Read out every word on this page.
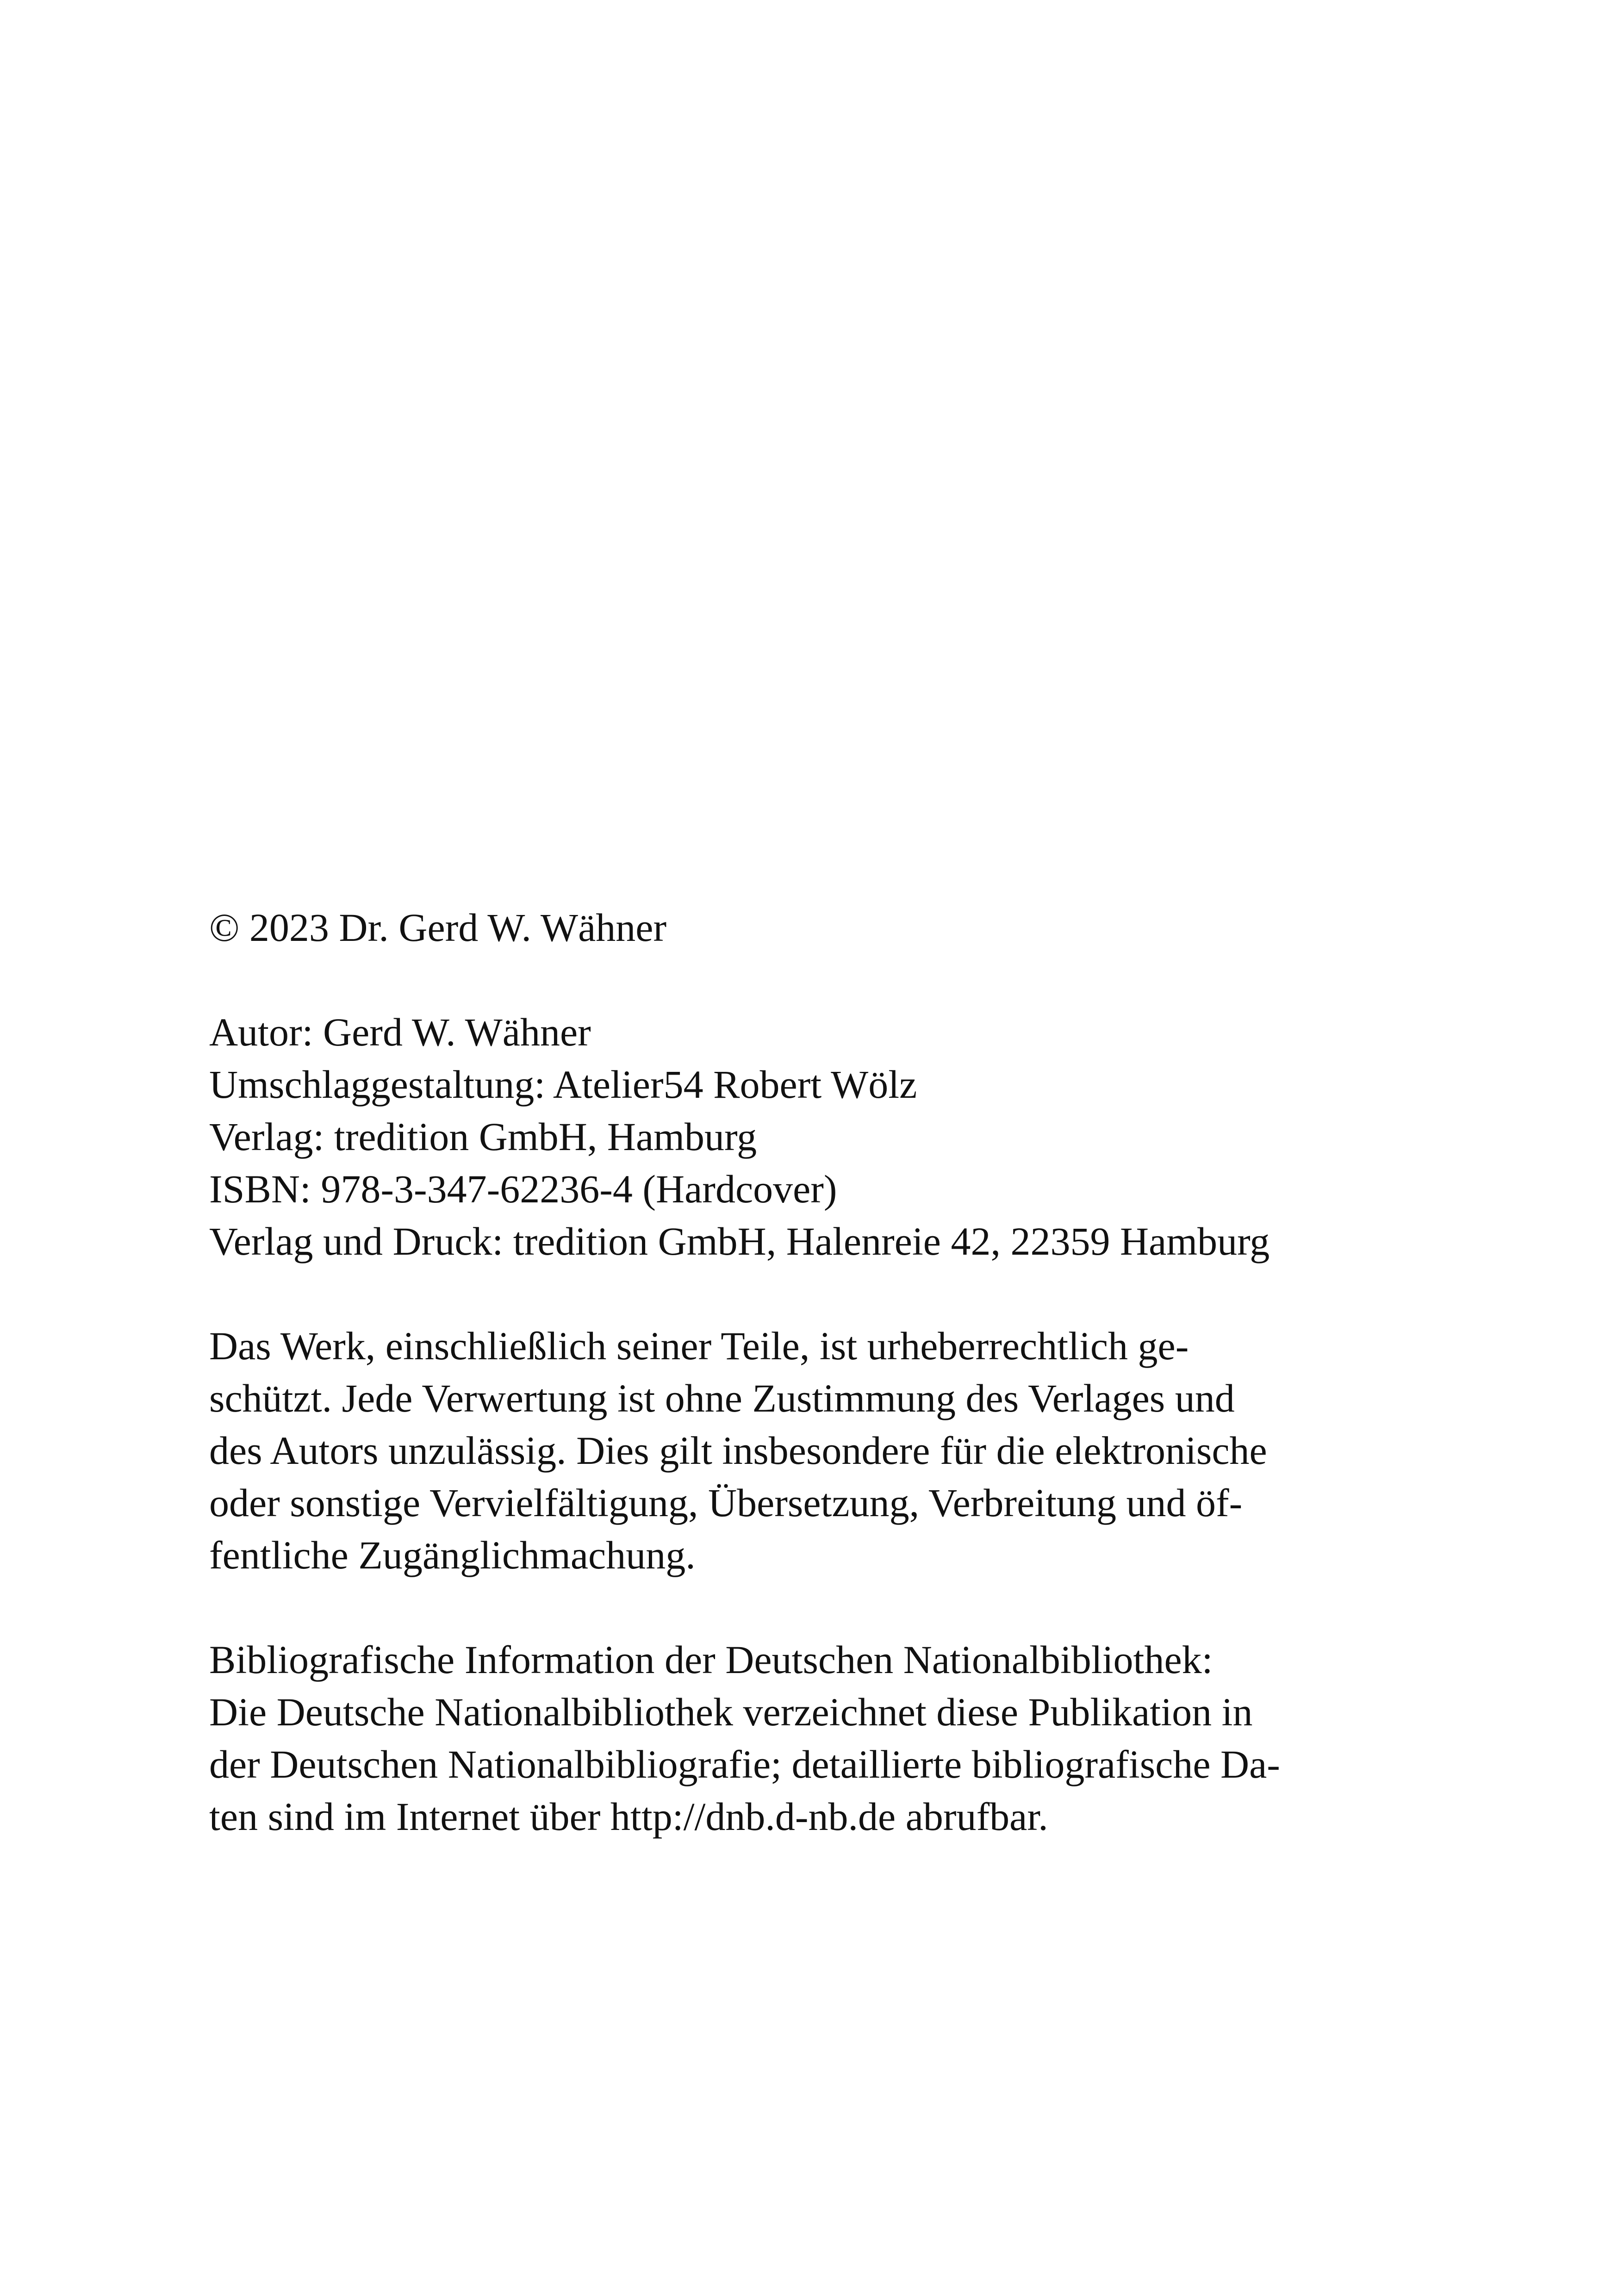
© 2023 Dr. Gerd W. Wähner

Autor: Gerd W. Wähner
Umschlaggestaltung: Atelier54 Robert Wölz
Verlag: tredition GmbH, Hamburg
ISBN: 978-3-347-62236-4 (Hardcover)
Verlag und Druck: tredition GmbH, Halenreie 42, 22359 Hamburg

Das Werk, einschließlich seiner Teile, ist urheberrechtlich ge-
schützt. Jede Verwertung ist ohne Zustimmung des Verlages und
des Autors unzulässig. Dies gilt insbesondere für die elektronische
oder sonstige Vervielfältigung, Übersetzung, Verbreitung und öf-
fentliche Zugänglichmachung.

Bibliografische Information der Deutschen Nationalbibliothek:
Die Deutsche Nationalbibliothek verzeichnet diese Publikation in
der Deutschen Nationalbibliografie; detaillierte bibliografische Da-
ten sind im Internet über http://dnb.d-nb.de abrufbar.
